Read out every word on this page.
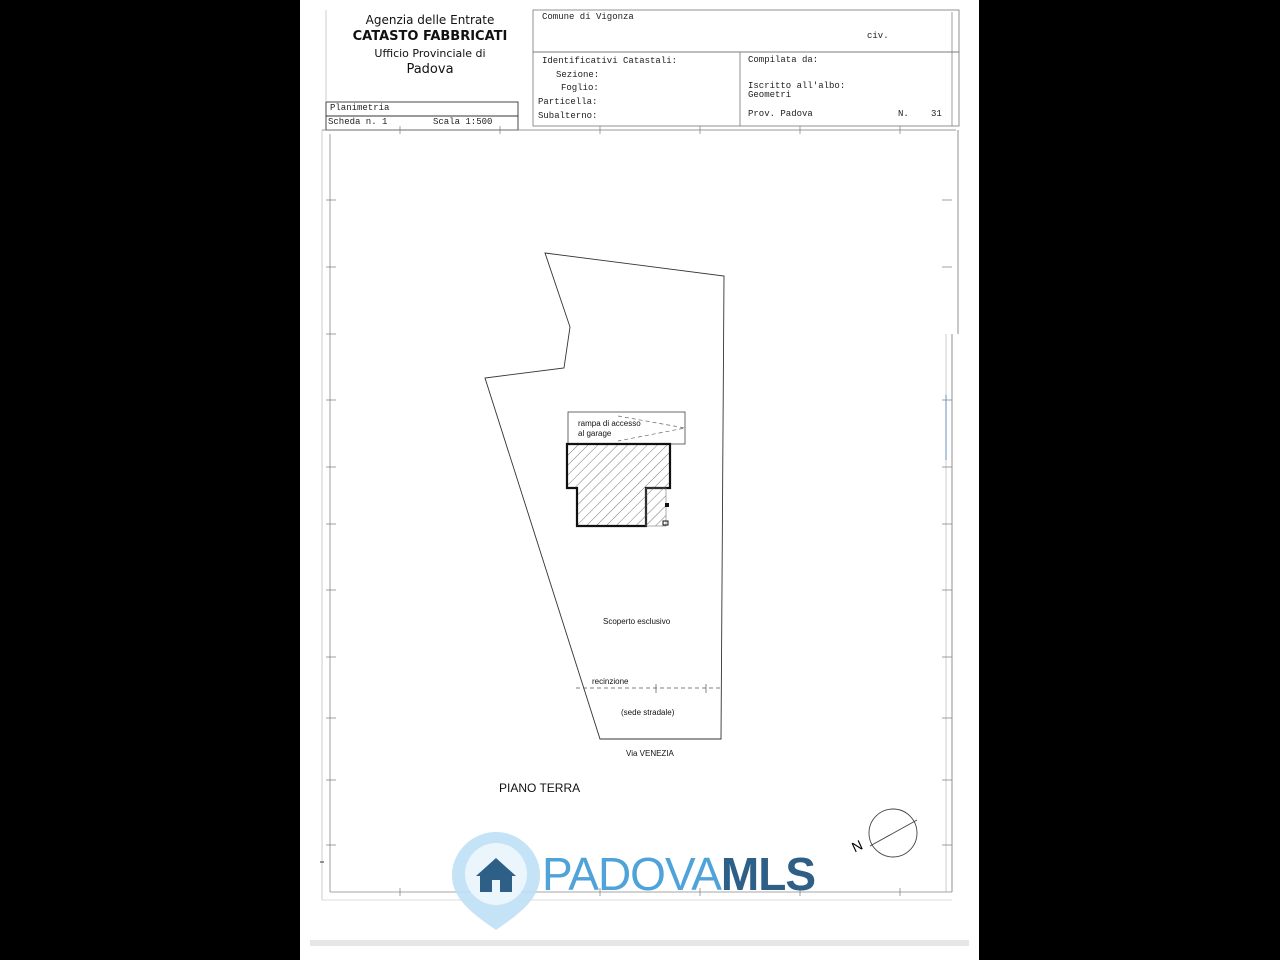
Agenzia delle Entrate
CATASTO FABBRICATI
Ufficio Provinciale di
Padova
Comune di Vigonza
civ.
Identificativi Catastali:
Sezione:
Foglio:
Particella:
Subalterno:
Compilata da:
Iscritto all'albo:
Geometri
Prov. Padova	N. 31
Planimetria
Scheda n. 1	Scala 1:500
rampa di accesso
al garage
Scoperto esclusivo
recinzione
(sede stradale)
Via VENEZIA
PIANO TERRA
N
PADOVAMLS
